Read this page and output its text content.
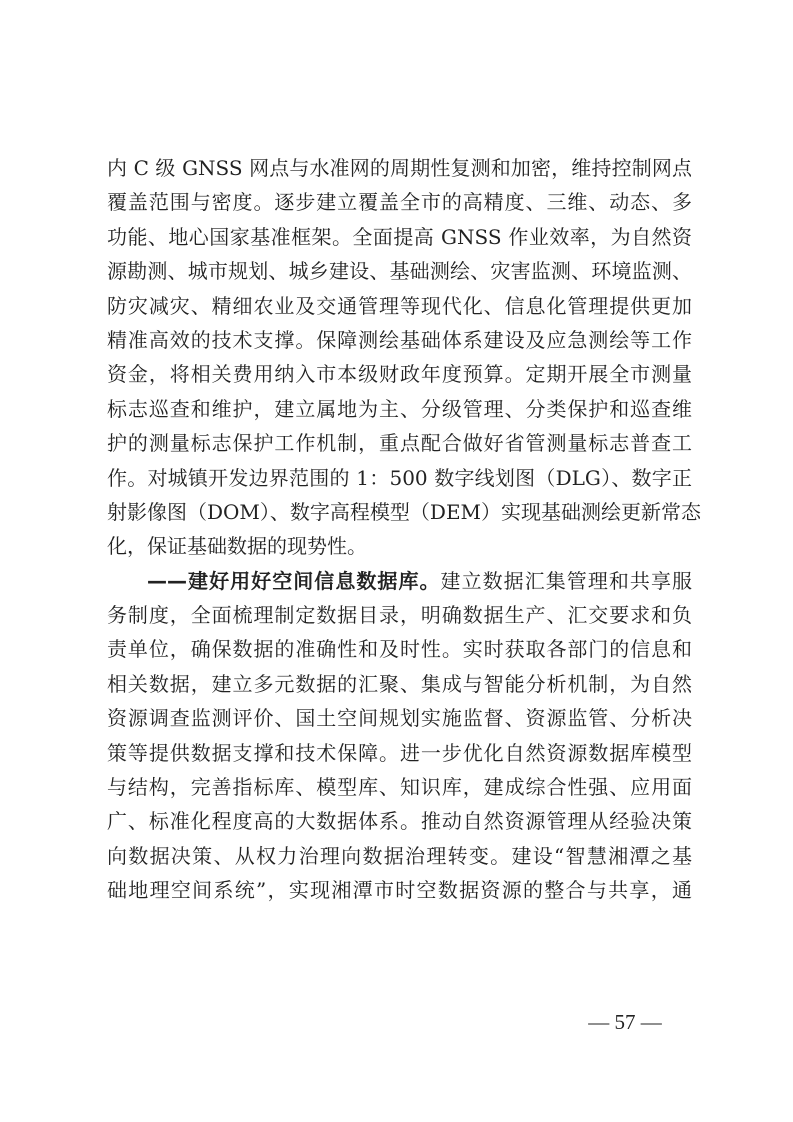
内 C 级 GNSS 网点与水准网的周期性复测和加密，维持控制网点
覆盖范围与密度。逐步建立覆盖全市的高精度、三维、动态、多
功能、地心国家基准框架。全面提高 GNSS 作业效率，为自然资
源勘测、城市规划、城乡建设、基础测绘、灾害监测、环境监测、
防灾减灾、精细农业及交通管理等现代化、信息化管理提供更加
精准高效的技术支撑。保障测绘基础体系建设及应急测绘等工作
资金，将相关费用纳入市本级财政年度预算。定期开展全市测量
标志巡查和维护，建立属地为主、分级管理、分类保护和巡查维
护的测量标志保护工作机制，重点配合做好省管测量标志普查工
作。对城镇开发边界范围的 1：500 数字线划图（DLG）、数字正
射影像图（DOM）、数字高程模型（DEM）实现基础测绘更新常态
化，保证基础数据的现势性。
——建好用好空间信息数据库。建立数据汇集管理和共享服
务制度，全面梳理制定数据目录，明确数据生产、汇交要求和负
责单位，确保数据的准确性和及时性。实时获取各部门的信息和
相关数据，建立多元数据的汇聚、集成与智能分析机制，为自然
资源调查监测评价、国土空间规划实施监督、资源监管、分析决
策等提供数据支撑和技术保障。进一步优化自然资源数据库模型
与结构，完善指标库、模型库、知识库，建成综合性强、应用面
广、标准化程度高的大数据体系。推动自然资源管理从经验决策
向数据决策、从权力治理向数据治理转变。建设“智慧湘潭之基
础地理空间系统”，实现湘潭市时空数据资源的整合与共享，通
— 57 —
